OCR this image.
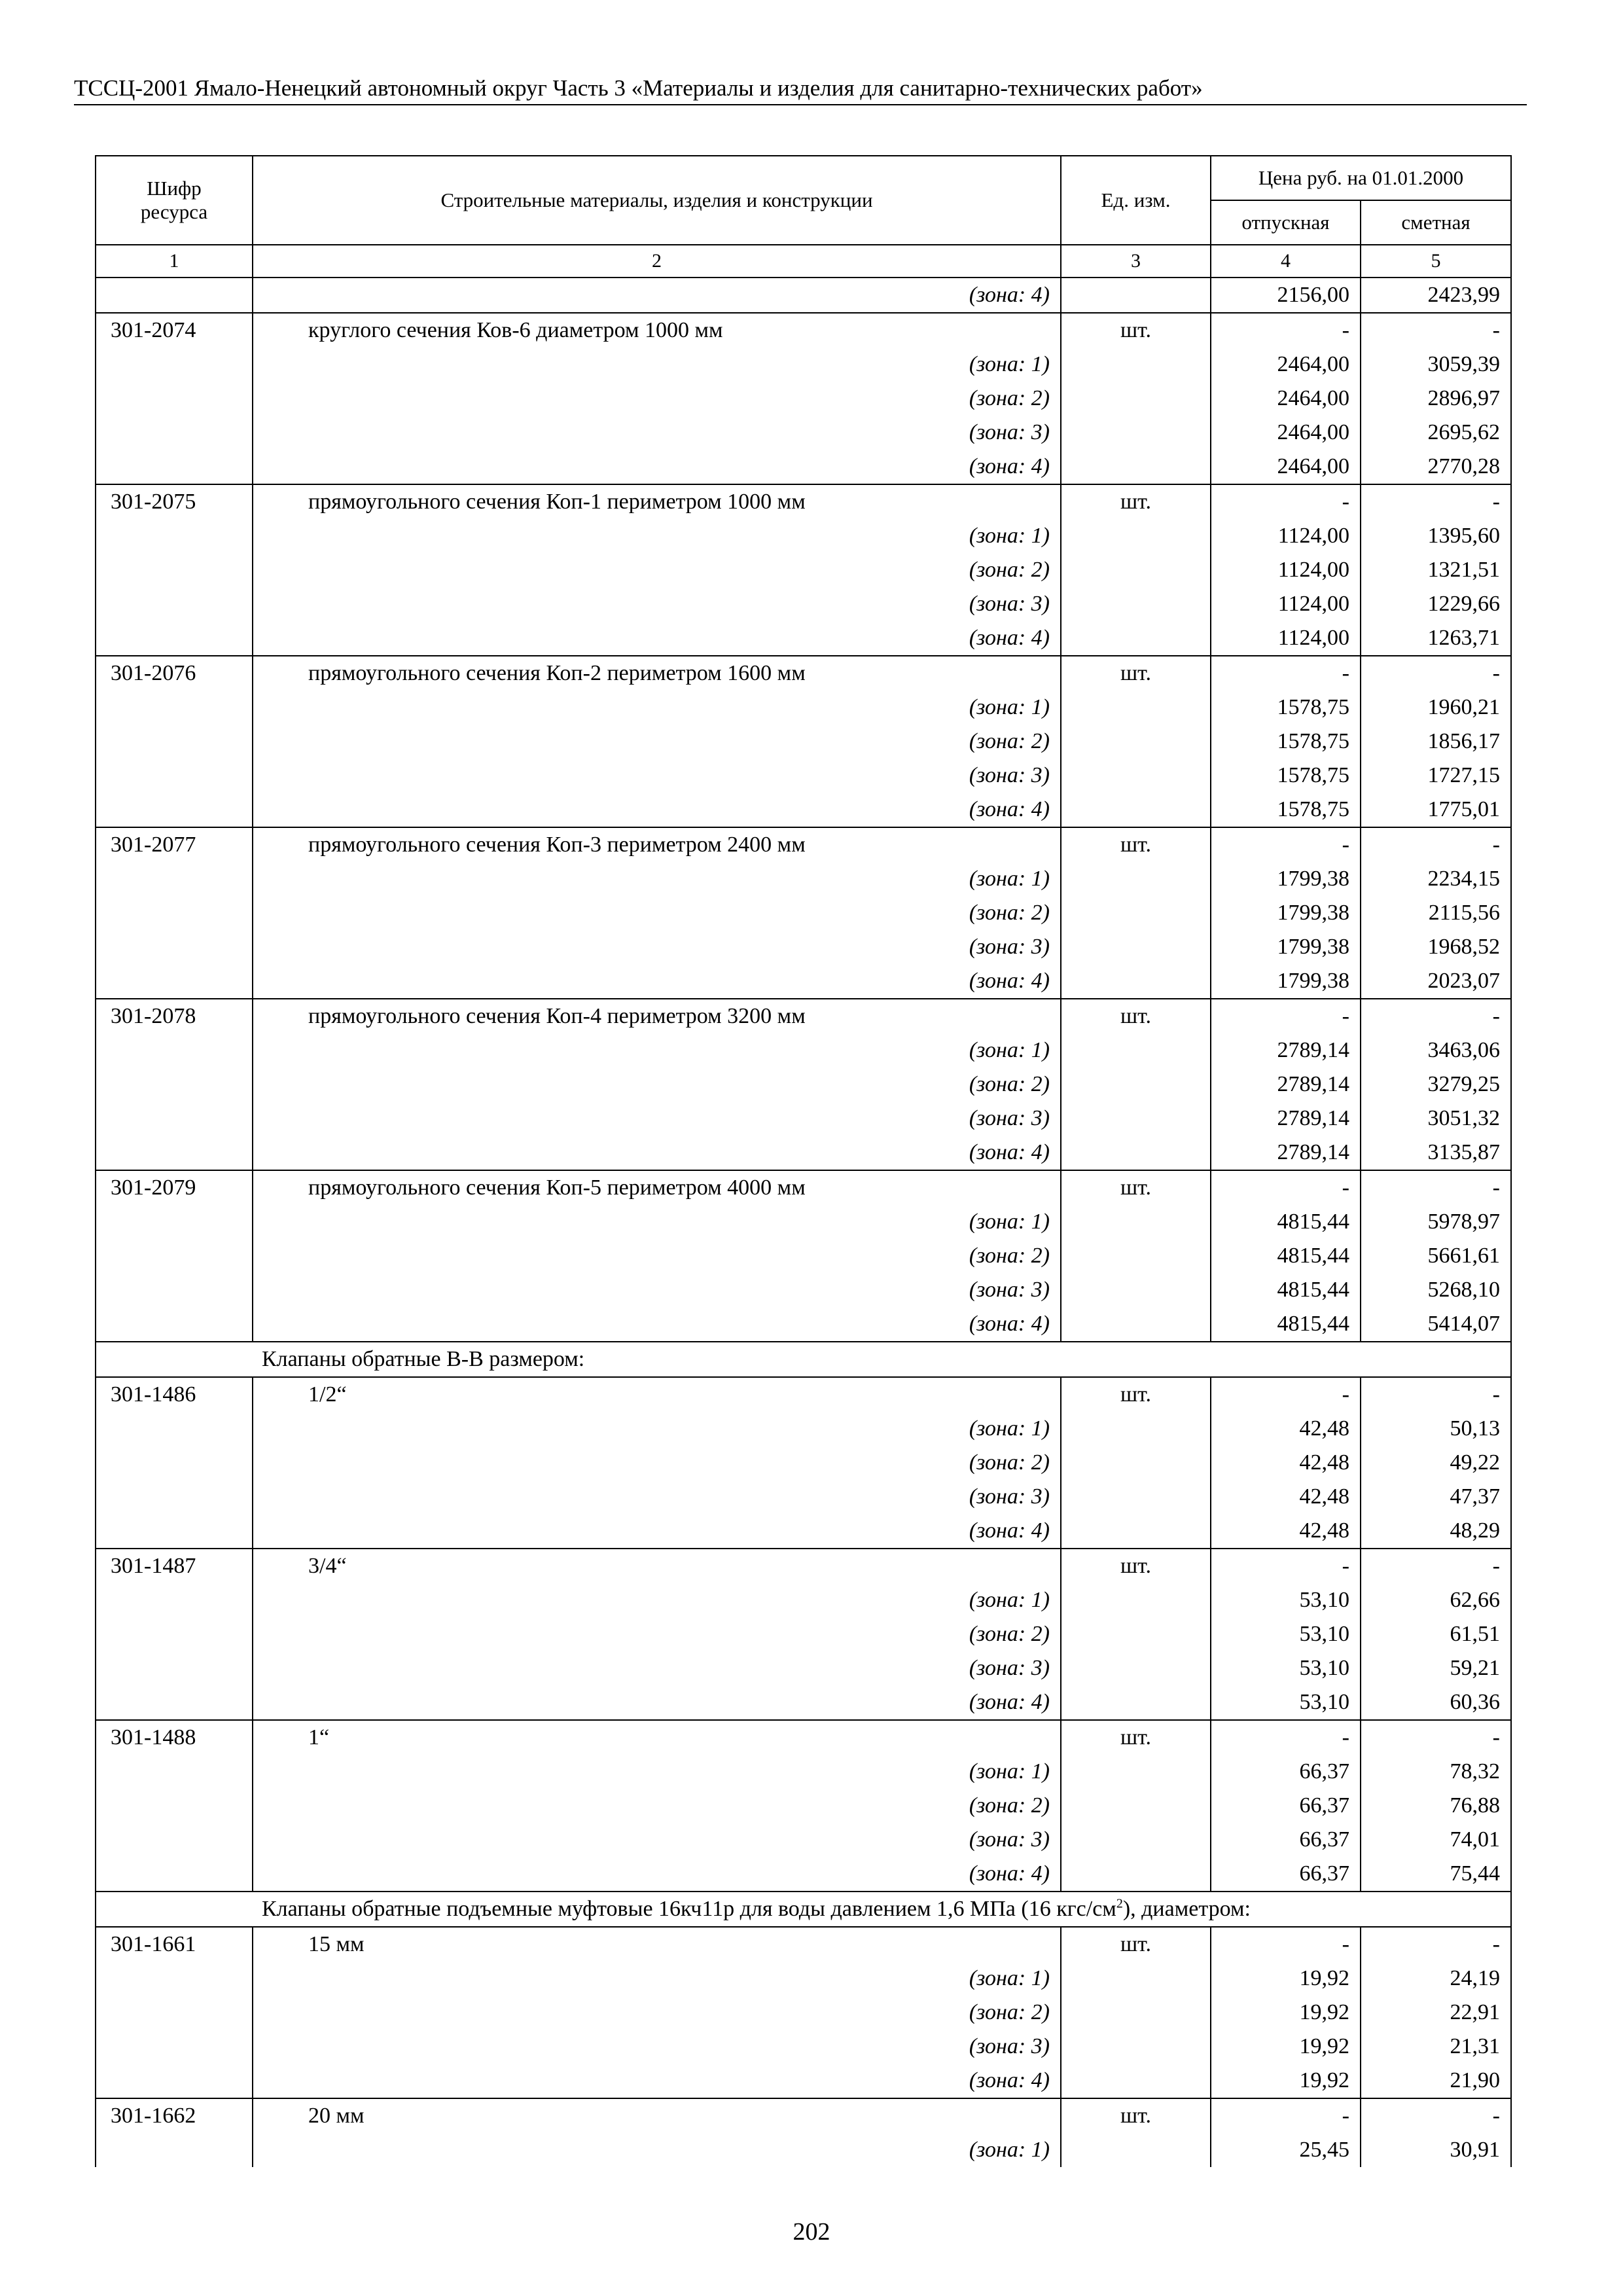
ТССЦ-2001 Ямало-Ненецкий автономный округ Часть 3 «Материалы и изделия для санитарно-технических работ»
Шифр ресурса	Строительные материалы, изделия и конструкции	Ед. изм.	Цена руб. на 01.01.2000	
			отпускная	сметная
1	2	3	4	5
	(зона: 4)		2156,00	2423,99
301-2074	круглого сечения Ков-6 диаметром 1000 мм	шт.	-	-
	(зона: 1)		2464,00	3059,39
	(зона: 2)		2464,00	2896,97
	(зона: 3)		2464,00	2695,62
	(зона: 4)		2464,00	2770,28
301-2075	прямоугольного сечения Коп-1 периметром 1000 мм	шт.	-	-
	(зона: 1)		1124,00	1395,60
	(зона: 2)		1124,00	1321,51
	(зона: 3)		1124,00	1229,66
	(зона: 4)		1124,00	1263,71
301-2076	прямоугольного сечения Коп-2 периметром 1600 мм	шт.	-	-
	(зона: 1)		1578,75	1960,21
	(зона: 2)		1578,75	1856,17
	(зона: 3)		1578,75	1727,15
	(зона: 4)		1578,75	1775,01
301-2077	прямоугольного сечения Коп-3 периметром 2400 мм	шт.	-	-
	(зона: 1)		1799,38	2234,15
	(зона: 2)		1799,38	2115,56
	(зона: 3)		1799,38	1968,52
	(зона: 4)		1799,38	2023,07
301-2078	прямоугольного сечения Коп-4 периметром 3200 мм	шт.	-	-
	(зона: 1)		2789,14	3463,06
	(зона: 2)		2789,14	3279,25
	(зона: 3)		2789,14	3051,32
	(зона: 4)		2789,14	3135,87
301-2079	прямоугольного сечения Коп-5 периметром 4000 мм	шт.	-	-
	(зона: 1)		4815,44	5978,97
	(зона: 2)		4815,44	5661,61
	(зона: 3)		4815,44	5268,10
	(зона: 4)		4815,44	5414,07
	Клапаны обратные В-В размером:			
301-1486	1/2“	шт.	-	-
	(зона: 1)		42,48	50,13
	(зона: 2)		42,48	49,22
	(зона: 3)		42,48	47,37
	(зона: 4)		42,48	48,29
301-1487	3/4“	шт.	-	-
	(зона: 1)		53,10	62,66
	(зона: 2)		53,10	61,51
	(зона: 3)		53,10	59,21
	(зона: 4)		53,10	60,36
301-1488	1“	шт.	-	-
	(зона: 1)		66,37	78,32
	(зона: 2)		66,37	76,88
	(зона: 3)		66,37	74,01
	(зона: 4)		66,37	75,44
	Клапаны обратные подъемные муфтовые 16кч11р для воды давлением 1,6 МПа (16 кгс/$см^2$), диаметром:			
301-1661	15 мм	шт.	-	-
	(зона: 1)		19,92	24,19
	(зона: 2)		19,92	22,91
	(зона: 3)		19,92	21,31
	(зона: 4)		19,92	21,90
301-1662	20 мм	шт.	-	-
	(зона: 1)		25,45	30,91
202
